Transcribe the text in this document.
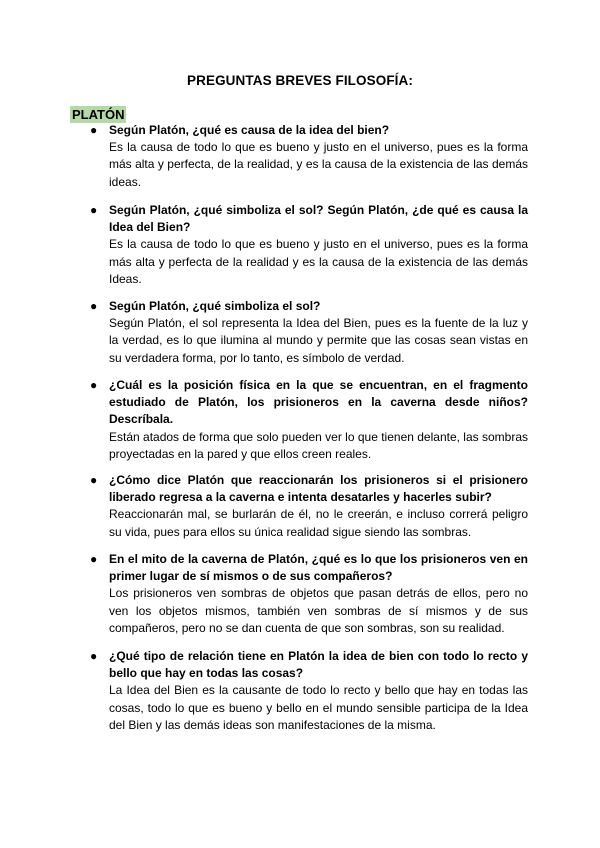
PREGUNTAS BREVES FILOSOFÍA:
PLATÓN
● Según Platón, ¿qué es causa de la idea del bien?
Es la causa de todo lo que es bueno y justo en el universo, pues es la forma más alta y perfecta, de la realidad, y es la causa de la existencia de las demás ideas.
● Según Platón, ¿qué simboliza el sol? Según Platón, ¿de qué es causa la Idea del Bien?
Es la causa de todo lo que es bueno y justo en el universo, pues es la forma más alta y perfecta de la realidad y es la causa de la existencia de las demás Ideas.
● Según Platón, ¿qué simboliza el sol?
Según Platón, el sol representa la Idea del Bien, pues es la fuente de la luz y la verdad, es lo que ilumina al mundo y permite que las cosas sean vistas en su verdadera forma, por lo tanto, es símbolo de verdad.
● ¿Cuál es la posición física en la que se encuentran, en el fragmento estudiado de Platón, los prisioneros en la caverna desde niños? Descríbala.
Están atados de forma que solo pueden ver lo que tienen delante, las sombras proyectadas en la pared y que ellos creen reales.
● ¿Cómo dice Platón que reaccionarán los prisioneros si el prisionero liberado regresa a la caverna e intenta desatarles y hacerles subir?
Reaccionarán mal, se burlarán de él, no le creerán, e incluso correrá peligro su vida, pues para ellos su única realidad sigue siendo las sombras.
● En el mito de la caverna de Platón, ¿qué es lo que los prisioneros ven en primer lugar de sí mismos o de sus compañeros?
Los prisioneros ven sombras de objetos que pasan detrás de ellos, pero no ven los objetos mismos, también ven sombras de sí mismos y de sus compañeros, pero no se dan cuenta de que son sombras, son su realidad.
● ¿Qué tipo de relación tiene en Platón la idea de bien con todo lo recto y bello que hay en todas las cosas?
La Idea del Bien es la causante de todo lo recto y bello que hay en todas las cosas, todo lo que es bueno y bello en el mundo sensible participa de la Idea del Bien y las demás ideas son manifestaciones de la misma.
